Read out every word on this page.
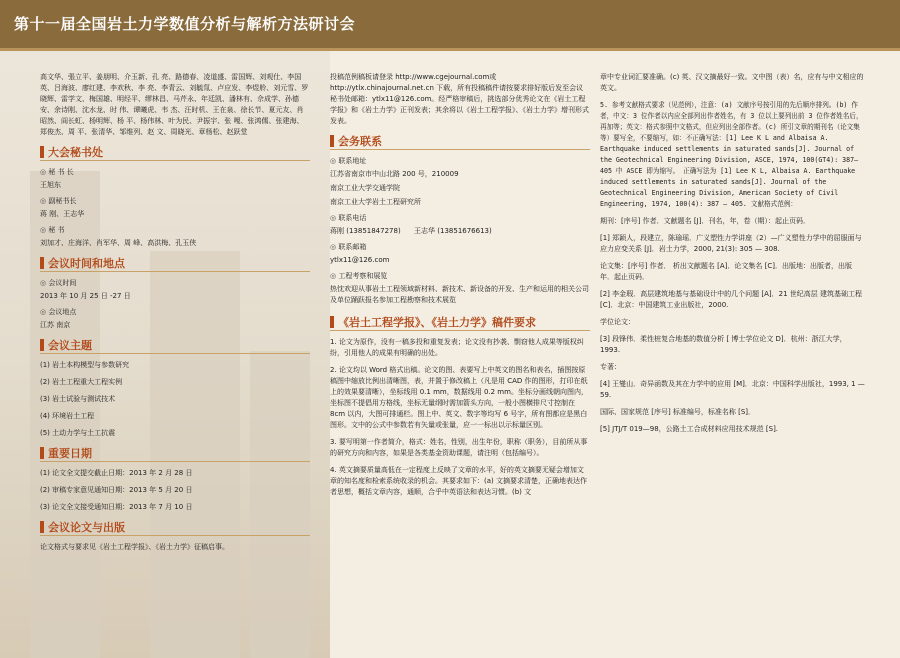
第十一届全国岩土力学数值分析与解析方法研讨会
高文华、張立平、姜朋明、介玉新、孔 亮、路德春、凌道盛、雷国辉、刘观仕、李国英、吕海波、廖红建、李欢秋、李 亮、李青云、刘毓氚、卢应发、李煜舲、刘元雪、罗晓辉、雷学文、梅国雄、明经平、缪林昌、马芹永、年廷凯、潘林有、佘成学、孙德安、余诗刚、沈水龙、时 伟、谭曦虎、韦 杰、汪时机、王在泉、徐长节、夏元友、肖昭然、阎长虹、杨明辉、杨 平、杨伟林、叶为民、尹振宇、张 嘎、张鸿儒、张建海、郑俊杰、周 平、张清华、邹维列、赵 文、周晓光、章杨松、赵跃堂
大会秘书处
◎ 秘 书 长
王旭东
◎ 副秘书长
蒋 刚、王志华
◎ 秘 书
刘加才、庄海洋、肖军华、周 峰、高洪梅、孔玉侠
会议时间和地点
◎ 会议时间
2013 年 10 月 25 日 -27 日
◎ 会议地点
江苏 南京
会议主题
(1) 岩土本构模型与参数研究
(2) 岩土工程重大工程实例
(3) 岩土试验与测试技术
(4) 环境岩土工程
(5) 土动力学与土工抗震
重要日期
(1) 论文全文提交截止日期：2013 年 2 月 28 日
(2) 审稿专家意见通知日期：2013 年 5 月 20 日
(3) 论文全文接受通知日期：2013 年 7 月 10 日
会议论文与出版
论文格式与要求见《岩土工程学报》、《岩土力学》征稿启事。
投稿范例稿板请登录 http://www.cgejournal.com或 http://ytlx.chinajournal.net.cn 下载，所有投稿稿件请按要求排好版后发至会议秘书处邮箱：ytlx11@126.com。经严格审稿后，挑选部分优秀论文在《岩土工程学报》和《岩土力学》正刊发表；其余将以《岩土工程学报》、《岩土力学》增刊形式发表。
会务联系
◎ 联系地址
江苏省南京市中山北路 200 号，210009
南京工业大学交通学院
南京工业大学岩土工程研究所
◎ 联系电话
蒋刚 (13851847278) 王志华 (13851676613)
◎ 联系邮箱
ytlx11@126.com
◎ 工程考察和展览
热忱欢迎从事岩土工程领域新材料、新技术、新设备的开发、生产和运用的相关公司及单位踊跃报名参加工程勘察和技术展览
《岩土工程学报》、《岩土力学》稿件要求
1. 论文为原作，没有一稿多投和重复发表；论文没有抄袭、剽窃他人成果等版权纠纷，引用他人的成果有明确的出处。
2. 论文均以 Word 格式出稿。论文的图、表要写上中英文的图名和表名，插图按原稿图中缩放比例出清晰图，表，并置于修改稿上（凡是用 CAD 作的图形，打印在纸上的效果要清晰），坐标线用 0.1 mm，数据线用 0.2 mm。坐标分画线朝向图内，坐标图不提倡用方格线，坐标无量纲时需加箭头方向，一般小图横排尺寸控制在 8cm 以内，大图可排通栏。图上中、英文、数字等均写 6 号字，所有图都应是黑白图形。文中的公式中参数若有矢量或张量，应一一标出以示标量区别。
3. 要写明第一作者简介，格式：姓名，性别，出生年份，职称（职务），目前所从事的研究方向和内容，如果是各类基金资助课题，请注明（包括编号）。
4. 英文摘要质量高低在一定程度上反映了文章的水平，好的英文摘要无疑会增加文章的知名度和检索系统收录的机会。其要求如下：(a) 文摘要求清楚，正确地表达作者思想，概括文章内容，通顺，合乎中英语法和表达习惯。(b) 文
章中专业词汇要准确。(c) 英、汉文摘最好一致。文中图（表）名，应有与中文相应的英文。
5. 参考文献格式要求（见范例），注意：(a) 文献序号按引用的先后顺序排列。(b) 作者，中文：3 位作者以内应全部列出作者姓名，有 3 位以上要列出前 3 位作者姓名后，再加等；英文：格式参照中文格式，但应列出全部作者。(c) 所引文章的期刊名（论文集等）要写全，不要缩写，如：不正确写法：[1] Lee K L and Albaisa A. Earthquake induced settlements in saturated sands[J]. Journal of the Geotechnical Engineering Division, ASCE, 1974, 100(GT4): 387—405 中 ASCE 即为缩写。 正确写法为 [1] Lee K L, Albaisa A. Earthquake induced settlements in saturated sands[J]. Journal of the Geotechnical Engineering Division, American Society of Civil Engineering, 1974, 100(4): 387 — 405. 文献格式范例：
期刊：[序号] 作者．文献题名 [J]．刊名，年，卷（期）：起止页码．
[1] 郑颖人，段建立，陈瑜瑶．广义塑性力学讲座（2）—广义塑性力学中的屈服面与应力应变关系 [J]．岩土力学，2000, 21(3): 305 — 308.
论文集：[序号] 作者． 析出文献题名 [A]．论文集名 [C]．出版地：出版者，出版年．起止页码．
[2] 李金瑕．高层建筑地基与基础设计中的几个问题 [A]．21 世纪高层 建筑基础工程 [C]．北京：中国建筑工业出版社，2000.
学位论文：
[3] 段锋伟．柔性桩复合地基的数值分析 [ 博士学位论文 D]．杭州：浙江大学，1993.
专著：
[4] 王燮山．奇异函数及其在力学中的应用 [M]．北京：中国科学出版社，1993, 1 — 59.
国际、国家规范 [序号] 标准编号，标准名称 [S]．
[5] JTJ/T 019—98，公路土工合成材料应用技术规范 [S].
